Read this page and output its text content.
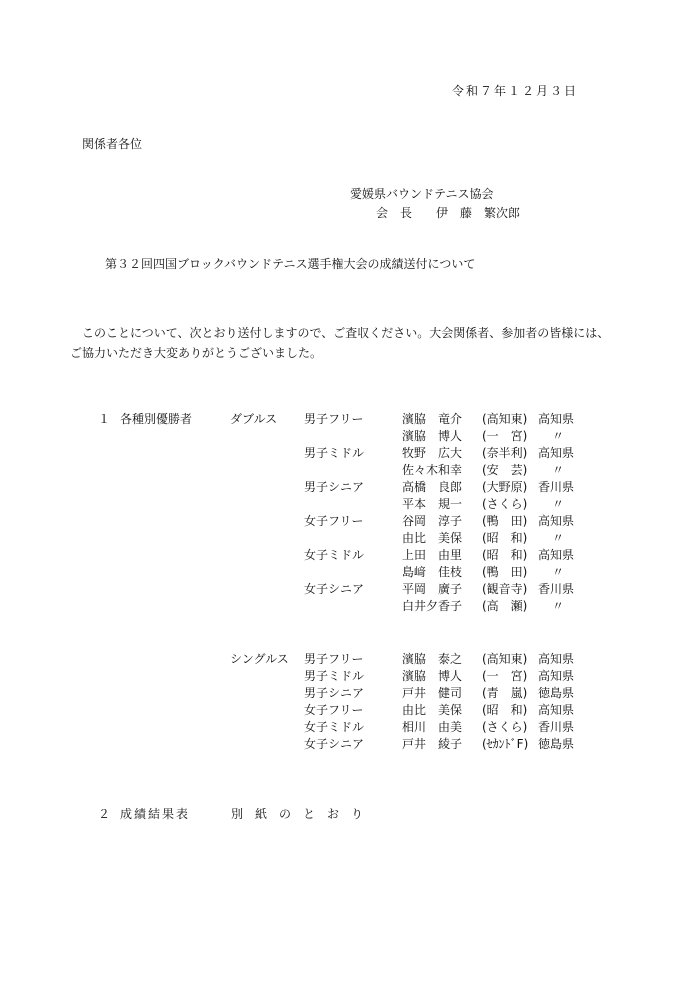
令和７年１２月３日
関係者各位
愛媛県バウンドテニス協会
会　長 伊　藤　繁次郎
第３２回四国ブロックバウンドテニス選手権大会の成績送付について
このことについて、次とおり送付しますので、ご査収ください。大会関係者、参加者の皆様には、
ご協力いただき大変ありがとうございました。
１ 各種別優勝者	ダブルス 男子フリー	濱脇　竜介 (高知東) 高知県
濱脇　博人 (一　宮) 〃
男子ミドル	牧野　広大 (奈半利) 高知県
佐々木和幸 (安　芸) 〃
男子シニア	高橋　良郎 (大野原) 香川県
平本　規一 (さくら) 〃
女子フリー	谷岡　淳子 (鴨　田) 高知県
由比　美保 (昭　和) 〃
女子ミドル	上田　由里 (昭　和) 高知県
島﨑　佳枝 (鴨　田) 〃
女子シニア	平岡　廣子 (観音寺) 香川県
白井夕香子 (高　瀬) 〃
シングルス 男子フリー	濱脇　泰之 (高知東) 高知県
男子ミドル	濱脇　博人 (一　宮) 高知県
男子シニア	戸井　健司 (青　嵐) 徳島県
女子フリー	由比　美保 (昭　和) 高知県
女子ミドル	相川　由美 (さくら) 香川県
女子シニア	戸井　綾子 (ｾｶﾝﾄﾞF) 徳島県
２ 成績結果表	別紙のとおり
